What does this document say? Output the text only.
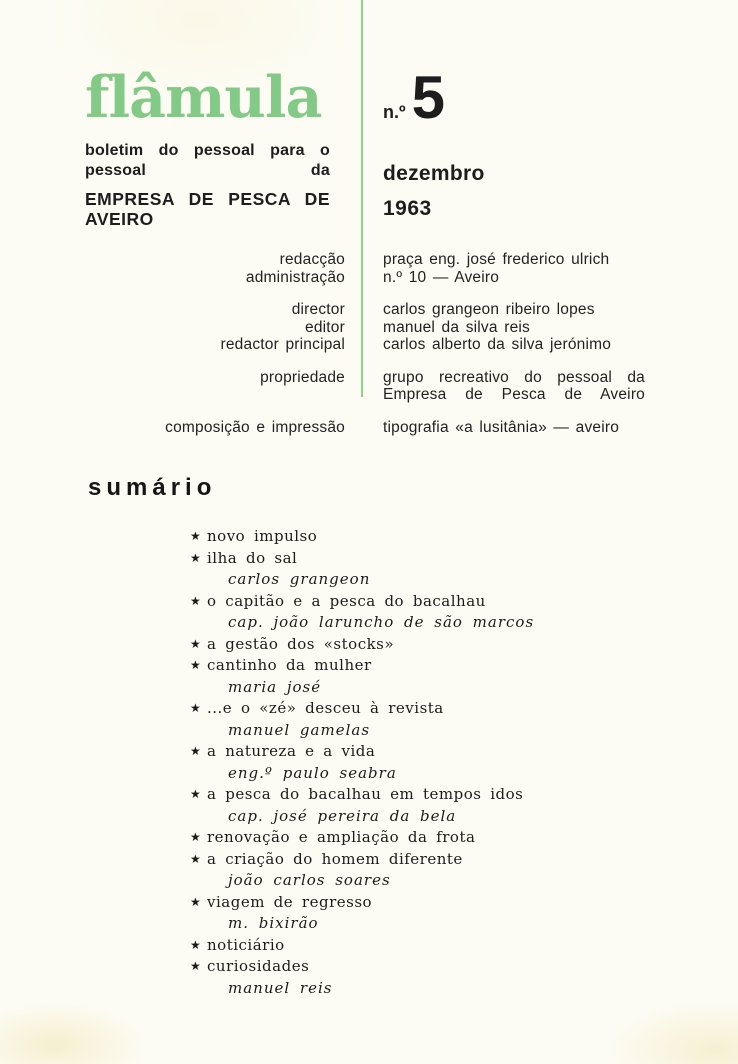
flâmula

boletim do pessoal para o pessoal da

EMPRESA DE PESCA DE AVEIRO

n.º 5
dezembro
1963
redacção
administração
praça eng. josé frederico ulrich
n.º 10 — Aveiro
director
editor
redactor principal
carlos grangeon ribeiro lopes
manuel da silva reis
carlos alberto da silva jerónimo
propriedade grupo recreativo do pessoal da
Empresa de Pesca de Aveiro
composição e impressão tipografia «a lusitânia» — aveiro
sumário
★ novo impulso
★ ilha do sal
carlos grangeon
★ o capitão e a pesca do bacalhau
cap. joão laruncho de são marcos
★ a gestão dos «stocks»
★ cantinho da mulher
maria josé
★ ...e o «zé» desceu à revista
manuel gamelas
★ a natureza e a vida
eng.º paulo seabra
★ a pesca do bacalhau em tempos idos
cap. josé pereira da bela
★ renovação e ampliação da frota
★ a criação do homem diferente
joão carlos soares
★ viagem de regresso
m. bixirão
★ noticiário
★ curiosidades
manuel reis
